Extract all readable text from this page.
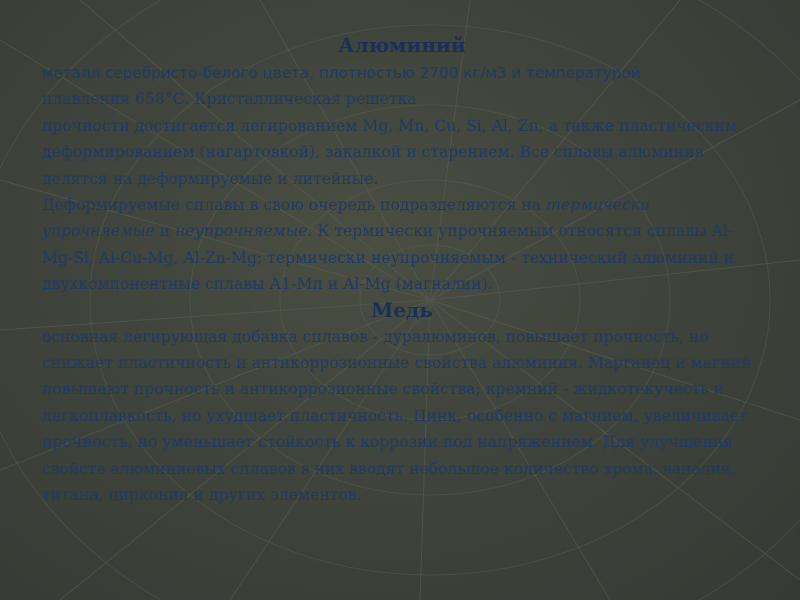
Алюминий

металл серебристо-белого цвета, плотностью 2700 кг/м3 и температурой
плавления 658°С. Кристаллическая решетка
прочности достигается легированием Mg, Mn, Cu, Si, Al, Zn, а также пластическим деформированием (нагартовкой), закалкой и старением. Все сплавы алюминия делятся на деформируемые и литейные.
Деформируемые сплавы в свою очередь подразделяются на термически упрочняемые и неупрочняемые. К термически упрочняемым относятся сплавы Al-Mg-Si, Al-Cu-Mg, Al-Zn-Mg; термически неупрочняемым - технический алюминий и двухкомпонентные сплавы А1-Мп и Al-Mg (магналии).

Медь

основная легирующая добавка сплавов - дуралюминов, повышает прочность, но снижает пластичность и антикоррозионные свойства алюминия. Марганец и магний повышают прочность и антикоррозионные свойства; кремний - жидкотекучесть и легкоплавкость, но ухудшает пластичность. Цинк, особенно с магнием, увеличивает прочность, но уменьшает стойкость к коррозии под напряжением. Для улучшения свойств алюминиевых сплавов в них вводят небольшое количество хрома, ванадия, титана, циркония и других элементов.
